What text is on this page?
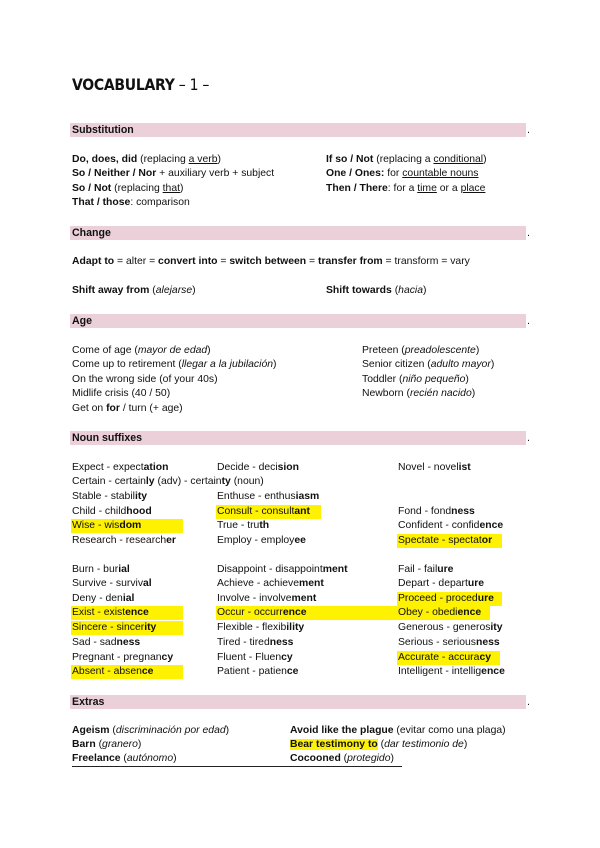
VOCABULARY – 1 –
Substitution	.
Do, does, did (replacing a verb)
So / Neither / Nor + auxiliary verb + subject
So / Not (replacing that)
That / those: comparison
If so / Not (replacing a conditional)
One / Ones: for countable nouns
Then / There: for a time or a place
Change	.
Adapt to = alter = convert into = switch between = transfer from = transform = vary
Shift away from (alejarse)	Shift towards (hacia)
Age	.
Come of age (mayor de edad)
Come up to retirement (llegar a la jubilación)
On the wrong side (of your 40s)
Midlife crisis (40 / 50)
Get on for / turn (+ age)
Preteen (preadolescente)
Senior citizen (adulto mayor)
Toddler (niño pequeño)
Newborn (recién nacido)
Noun suffixes	.
Expect - expectation
Certain - certainly (adv) - certainty (noun)
Stable - stability
Child - childhood
Wise - wisdom
Research - researcher
Burn - burial
Survive - survival
Deny - denial
Exist - existence
Sincere - sincerity
Sad - sadness
Pregnant - pregnancy
Absent - absence
Decide - decision
Enthuse - enthusiasm
Consult - consultant
True - truth
Employ - employee
Disappoint - disappointment
Achieve - achievement
Involve - involvement
Occur - occurrence
Flexible - flexibility
Tired - tiredness
Fluent - Fluency
Patient - patience
Novel - novelist
Fond - fondness
Confident - confidence
Spectate - spectator
Fail - failure
Depart - departure
Proceed - procedure
Obey - obedience
Generous - generosity
Serious - seriousness
Accurate - accuracy
Intelligent - intelligence
Extras	.
Ageism (discriminación por edad)
Barn (granero)
Freelance (autónomo)
Avoid like the plague (evitar como una plaga)
Bear testimony to (dar testimonio de)
Cocooned (protegido)
